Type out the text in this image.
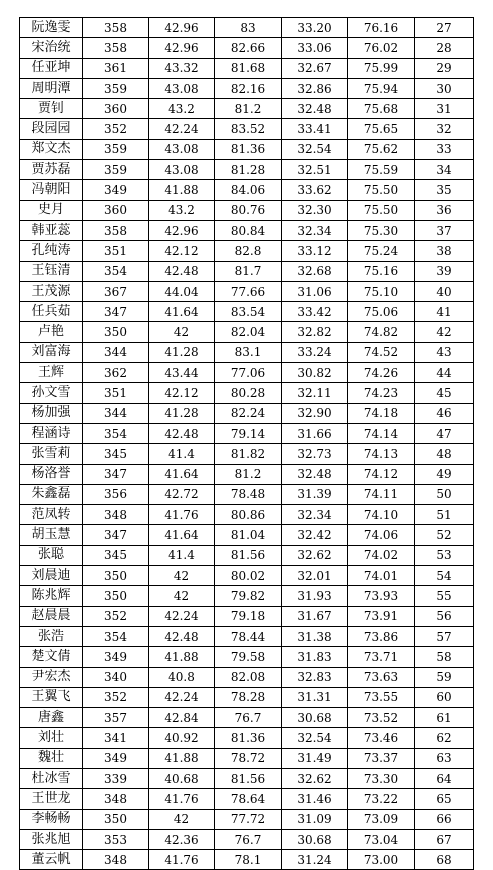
阮逸雯	358	42.96	83	33.20	76.16	27
宋治统	358	42.96	82.66	33.06	76.02	28
任亚坤	361	43.32	81.68	32.67	75.99	29
周明潭	359	43.08	82.16	32.86	75.94	30
贾钊	360	43.2	81.2	32.48	75.68	31
段园园	352	42.24	83.52	33.41	75.65	32
郑文杰	359	43.08	81.36	32.54	75.62	33
贾苏磊	359	43.08	81.28	32.51	75.59	34
冯朝阳	349	41.88	84.06	33.62	75.50	35
史月	360	43.2	80.76	32.30	75.50	36
韩亚蕊	358	42.96	80.84	32.34	75.30	37
孔纯涛	351	42.12	82.8	33.12	75.24	38
王钰清	354	42.48	81.7	32.68	75.16	39
王茂源	367	44.04	77.66	31.06	75.10	40
任兵茹	347	41.64	83.54	33.42	75.06	41
卢艳	350	42	82.04	32.82	74.82	42
刘富海	344	41.28	83.1	33.24	74.52	43
王辉	362	43.44	77.06	30.82	74.26	44
孙文雪	351	42.12	80.28	32.11	74.23	45
杨加强	344	41.28	82.24	32.90	74.18	46
程涵诗	354	42.48	79.14	31.66	74.14	47
张雪莉	345	41.4	81.82	32.73	74.13	48
杨洛誉	347	41.64	81.2	32.48	74.12	49
朱鑫磊	356	42.72	78.48	31.39	74.11	50
范凤转	348	41.76	80.86	32.34	74.10	51
胡玉慧	347	41.64	81.04	32.42	74.06	52
张聪	345	41.4	81.56	32.62	74.02	53
刘晨迪	350	42	80.02	32.01	74.01	54
陈兆辉	350	42	79.82	31.93	73.93	55
赵晨晨	352	42.24	79.18	31.67	73.91	56
张浩	354	42.48	78.44	31.38	73.86	57
楚文倩	349	41.88	79.58	31.83	73.71	58
尹宏杰	340	40.8	82.08	32.83	73.63	59
王翼飞	352	42.24	78.28	31.31	73.55	60
唐鑫	357	42.84	76.7	30.68	73.52	61
刘壮	341	40.92	81.36	32.54	73.46	62
魏壮	349	41.88	78.72	31.49	73.37	63
杜冰雪	339	40.68	81.56	32.62	73.30	64
王世龙	348	41.76	78.64	31.46	73.22	65
李畅畅	350	42	77.72	31.09	73.09	66
张兆旭	353	42.36	76.7	30.68	73.04	67
董云帆	348	41.76	78.1	31.24	73.00	68
